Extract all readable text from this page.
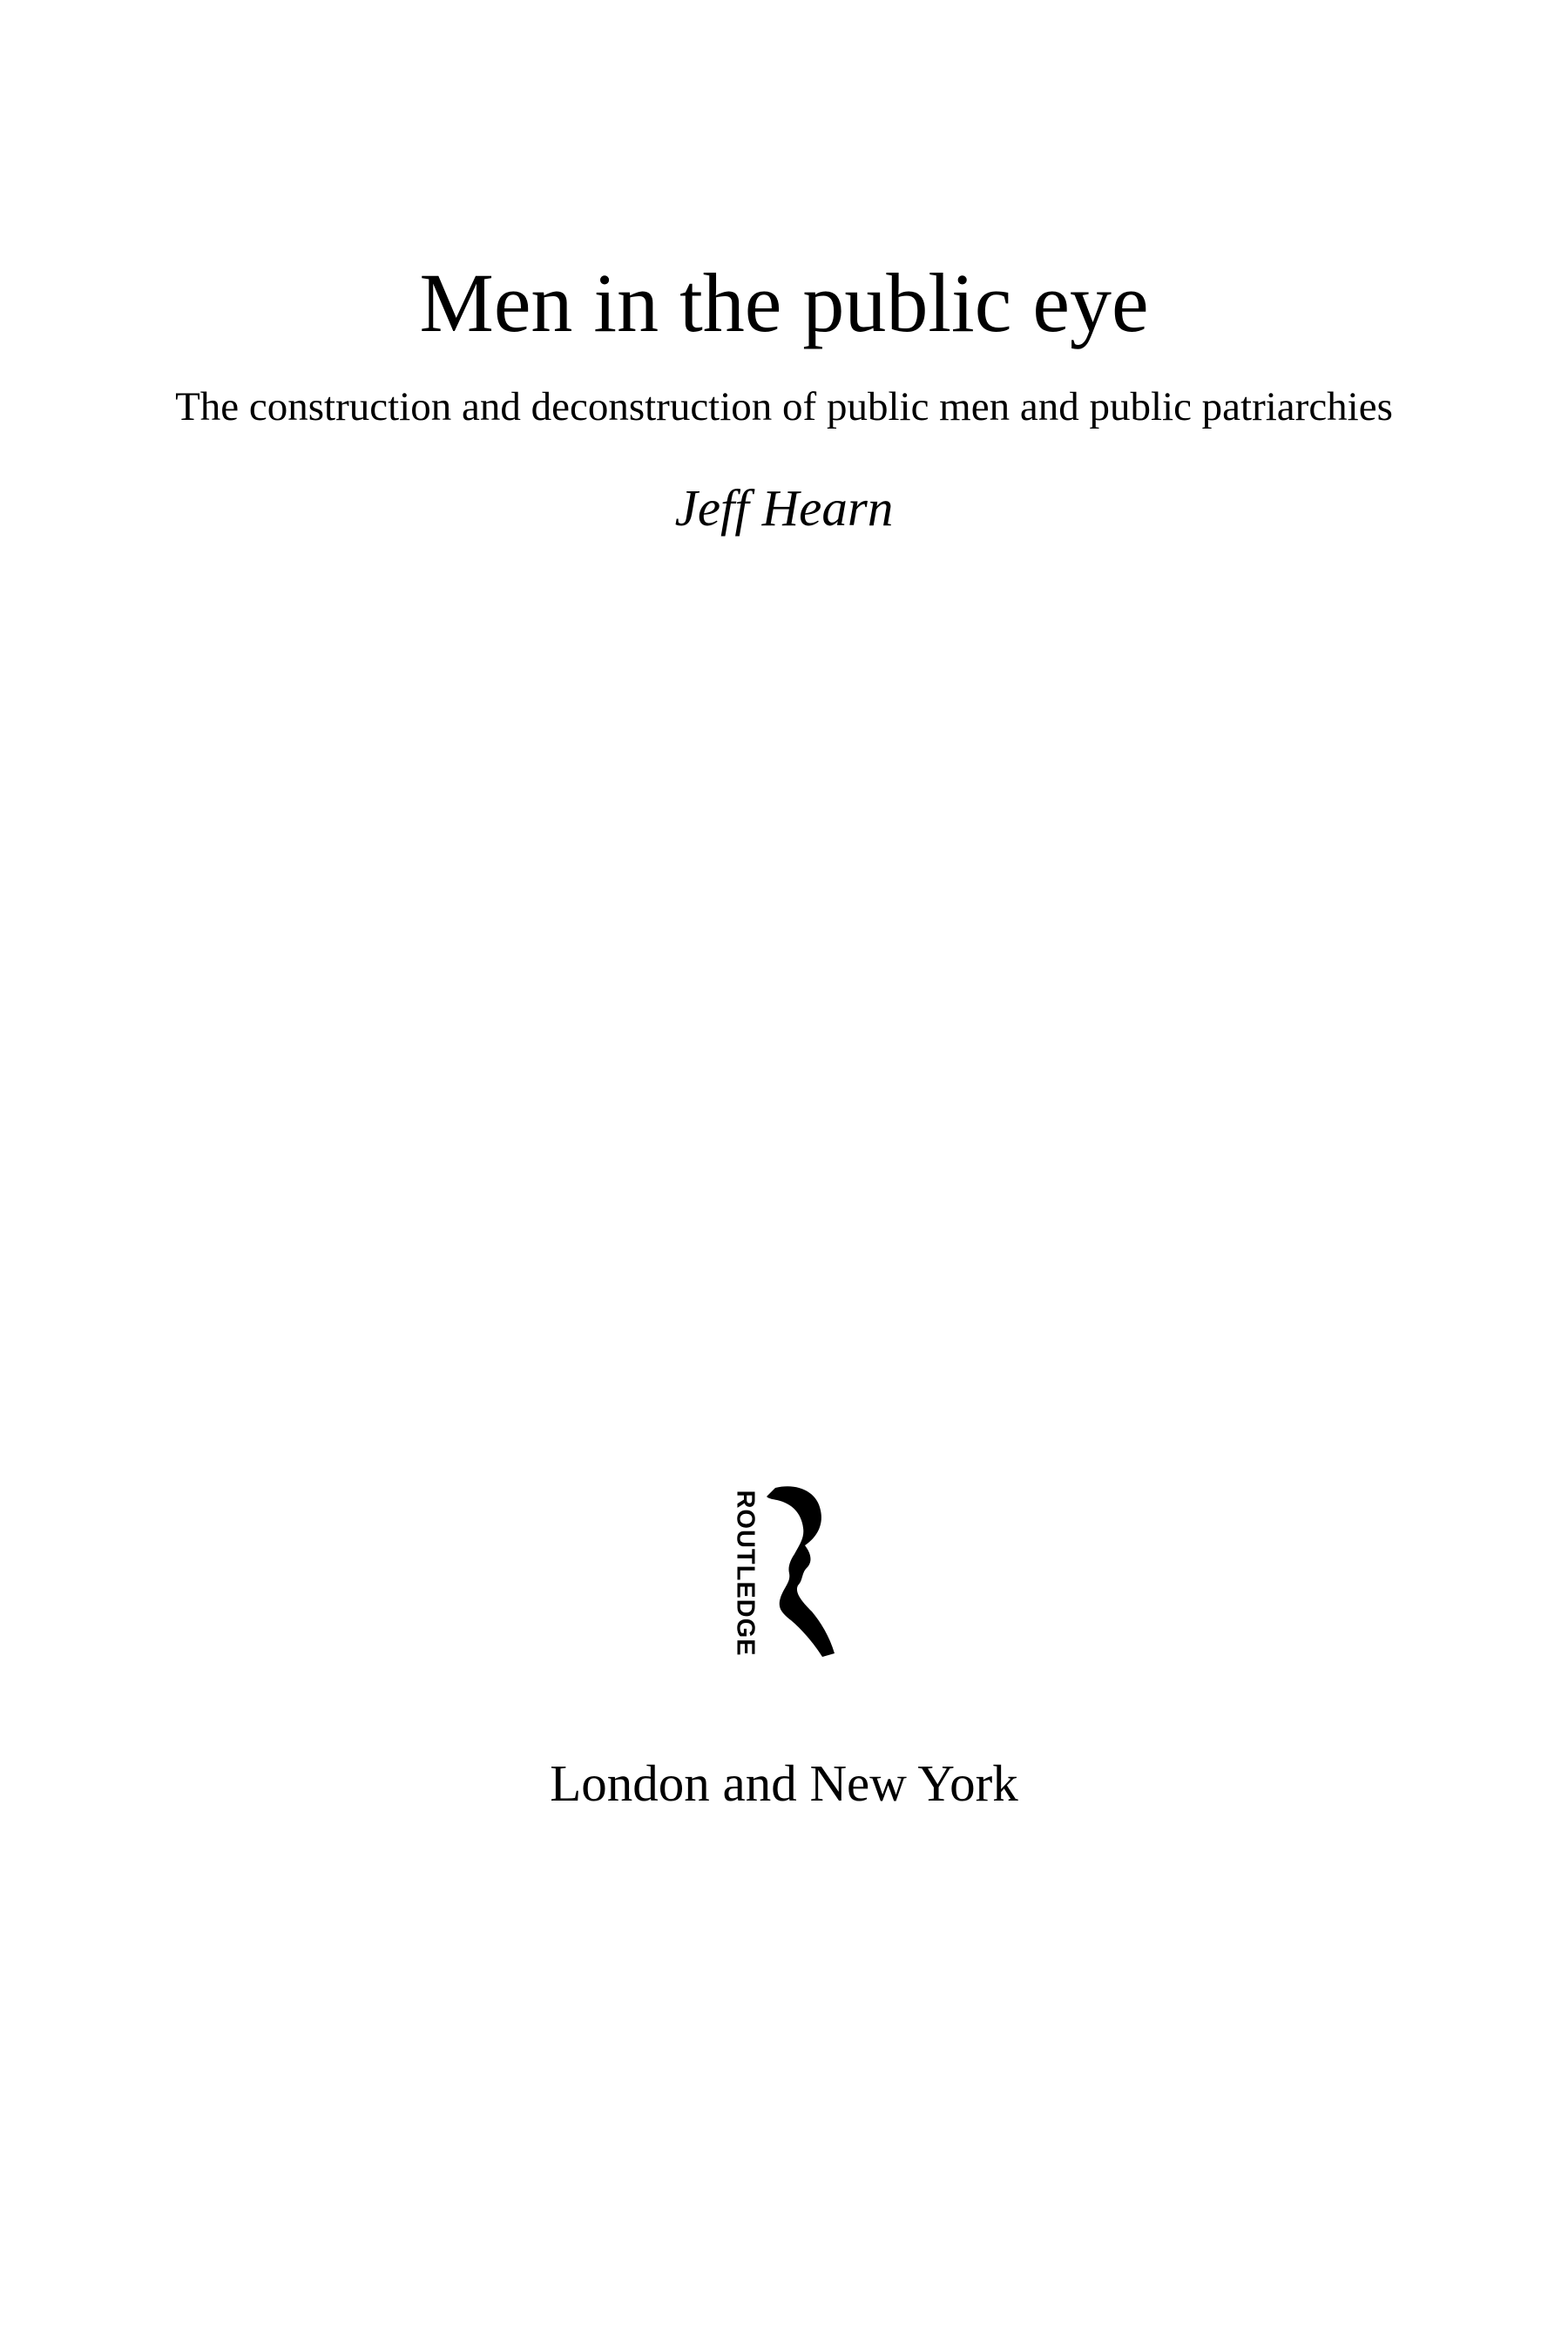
Men in the public eye

The construction and deconstruction of public men and public patriarchies

Jeff Hearn

ROUTLEDGE

London and New York
